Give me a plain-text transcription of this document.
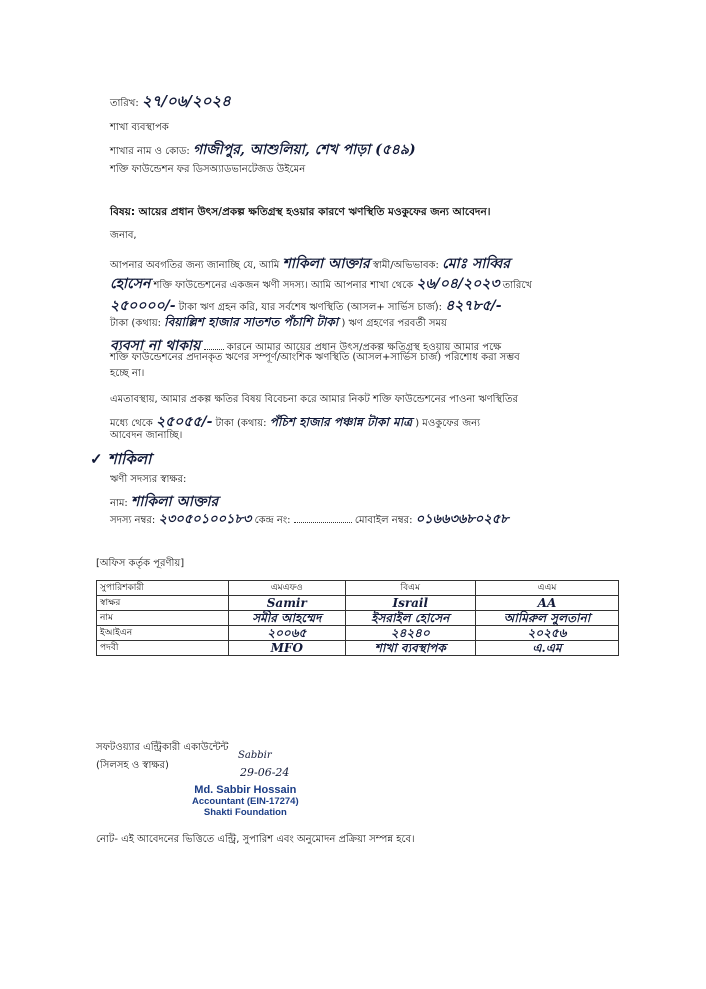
তারিখ: ২৭/০৬/২০২৪
শাখা ব্যবস্থাপক
শাখার নাম ও কোড: গাজীপুর, আশুলিয়া, শেখ পাড়া (৫৪৯)
শক্তি ফাউন্ডেশন ফর ডিসঅ্যাডভানটেজড উইমেন
বিষয়: আয়ের প্রধান উৎস/প্রকল্প ক্ষতিগ্রস্থ হওয়ার কারণে ঋণস্থিতি মওকুফের জন্য আবেদন।
জনাব,
আপনার অবগতির জন্য জানাচ্ছি যে, আমি শাকিলা আক্তার স্বামী/অভিভাবক: মোঃ সাব্বির
হোসেন শক্তি ফাউন্ডেশনের একজন ঋণী সদস্য। আমি আপনার শাখা থেকে ২৬/০৪/২০২৩ তারিখে
২৫০০০০/- টাকা ঋণ গ্রহন করি, যার সর্বশেষ ঋণস্থিতি (আসল+ সার্ভিস চার্জ): ৪২৭৮৫/-
টাকা (কথায়: বিয়াল্লিশ হাজার সাতশত পঁচাশি টাকা ) ঋণ গ্রহণের পরবর্তী সময়
ব্যবসা না থাকায়	কারনে আমার আয়ের প্রধান উৎস/প্রকল্প ক্ষতিগ্রস্থ হওয়ায় আমার পক্ষে
শক্তি ফাউন্ডেশনের প্রদানকৃত ঋণের সম্পূর্ণ/আংশিক ঋণস্থিতি (আসল+সার্ভিস চার্জ) পরিশোধ করা সম্ভব
হচ্ছে না।
এমতাবস্থায়, আমার প্রকল্প ক্ষতির বিষয় বিবেচনা করে আমার নিকট শক্তি ফাউন্ডেশনের পাওনা ঋণস্থিতির
মধ্যে থেকে ২৫০৫৫/- টাকা (কথায়: পঁচিশ হাজার পঞ্চান্ন টাকা মাত্র ) মওকুফের জন্য
আবেদন জানাচ্ছি।
✓ শাকিলা
ঋণী সদস্যর স্বাক্ষর:
নাম: শাকিলা আক্তার
সদস্য নম্বর: ২৩০৫০১০০১৮৩ কেন্দ্র নং:	মোবাইল নম্বর: ০১৬৬৩৬৮০২৫৮
[অফিস কর্তৃক পূরণীয়]
সুপারিশকারী	এমএফও	বিএম	এএম
স্বাক্ষর	Samir	Israil	AA
নাম	সমীর আহম্মেদ	ইসরাইল হোসেন	আমিরুল সুলতানা
ইআইএন	২০০৬৫	২৪২৪০	২০২৫৬
পদবী	MFO	শাখা ব্যবস্থাপক	এ.এম
সফটওয়্যার এন্ট্রিকারী একাউন্টেন্ট
(সিলসহ ও স্বাক্ষর)
Sabbir
29-06-24
Md. Sabbir Hossain
Accountant (EIN-17274)
Shakti Foundation
নোট- এই আবেদনের ভিত্তিতে এন্ট্রি, সুপারিশ এবং অনুমোদন প্রক্রিয়া সম্পন্ন হবে।
